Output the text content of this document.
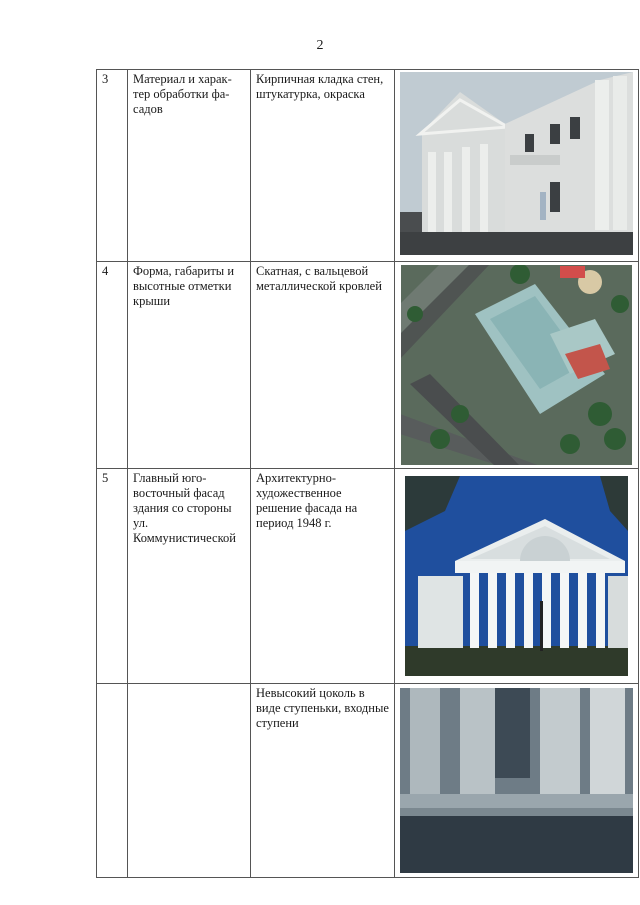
2
3	Материал и харак-
тер обработки фа-
садов	Кирпичная кладка стен, штукатурка, окраска	

4	Форма, габариты и высотные отметки крыши	Скатная, с вальцевой металлической кровлей	

5	Главный юго-восточный фасад здания со стороны ул. Коммунистической	Архитектурно-художественное решение фасада на период 1948 г.	

		Невысокий цоколь в виде ступеньки, входные ступени	
